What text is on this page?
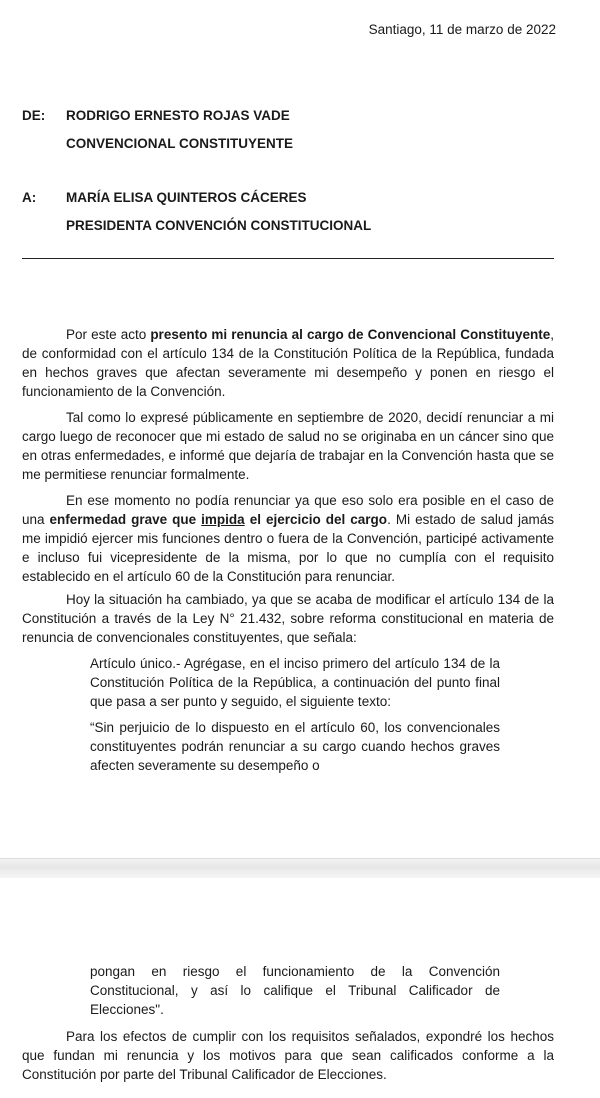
Santiago, 11 de marzo de 2022
DE: RODRIGO ERNESTO ROJAS VADE
CONVENCIONAL CONSTITUYENTE
A: MARÍA ELISA QUINTEROS CÁCERES
PRESIDENTA CONVENCIÓN CONSTITUCIONAL

Por este acto presento mi renuncia al cargo de Convencional Constituyente, de conformidad con el artículo 134 de la Constitución Política de la República, fundada en hechos graves que afectan severamente mi desempeño y ponen en riesgo el funcionamiento de la Convención.

Tal como lo expresé públicamente en septiembre de 2020, decidí renunciar a mi cargo luego de reconocer que mi estado de salud no se originaba en un cáncer sino que en otras enfermedades, e informé que dejaría de trabajar en la Convención hasta que se me permitiese renunciar formalmente.

En ese momento no podía renunciar ya que eso solo era posible en el caso de una enfermedad grave que impida el ejercicio del cargo. Mi estado de salud jamás me impidió ejercer mis funciones dentro o fuera de la Convención, participé activamente e incluso fui vicepresidente de la misma, por lo que no cumplía con el requisito establecido en el artículo 60 de la Constitución para renunciar.

Hoy la situación ha cambiado, ya que se acaba de modificar el artículo 134 de la Constitución a través de la Ley N° 21.432, sobre reforma constitucional en materia de renuncia de convencionales constituyentes, que señala:

Artículo único.- Agrégase, en el inciso primero del artículo 134 de la Constitución Política de la República, a continuación del punto final que pasa a ser punto y seguido, el siguiente texto:
“Sin perjuicio de lo dispuesto en el artículo 60, los convencionales constituyentes podrán renunciar a su cargo cuando hechos graves afecten severamente su desempeño o
pongan en riesgo el funcionamiento de la Convención Constitucional, y así lo califique el Tribunal Calificador de Elecciones".

Para los efectos de cumplir con los requisitos señalados, expondré los hechos que fundan mi renuncia y los motivos para que sean calificados conforme a la Constitución por parte del Tribunal Calificador de Elecciones.
